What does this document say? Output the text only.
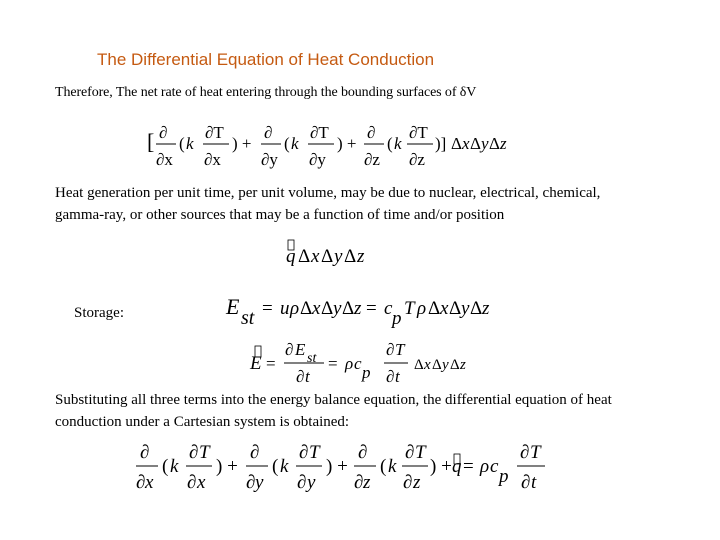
The Differential Equation of Heat Conduction
Therefore, The net rate of heat entering through the bounding surfaces of δV
[ ∂
∂x
( k
∂T
∂x
) +
∂
∂y
( k
∂T
∂y
) +
∂
∂z
( k
∂T
∂z
)] Δ x Δ y Δ z
Heat generation per unit time, per unit volume, may be due to nuclear, electrical, chemical, gamma-ray, or other sources that may be a function of time and/or position
q Δ x Δ y Δ z
Storage:	E st = u ρ Δ x Δ y Δ z = c p T ρ Δ x Δ y Δ z
E =
∂ E st
∂ t
= ρ c p
∂ T
∂ t
Δ x Δ y Δ z
Substituting all three terms into the energy balance equation, the differential equation of heat conduction under a Cartesian system is obtained:
∂
∂ x
( k
∂ T
∂ x
) +
∂
∂ y
( k
∂ T
∂ y
) +
∂
∂ z
( k
∂ T
∂ z
) + q = ρ c p
∂ T
∂ t
